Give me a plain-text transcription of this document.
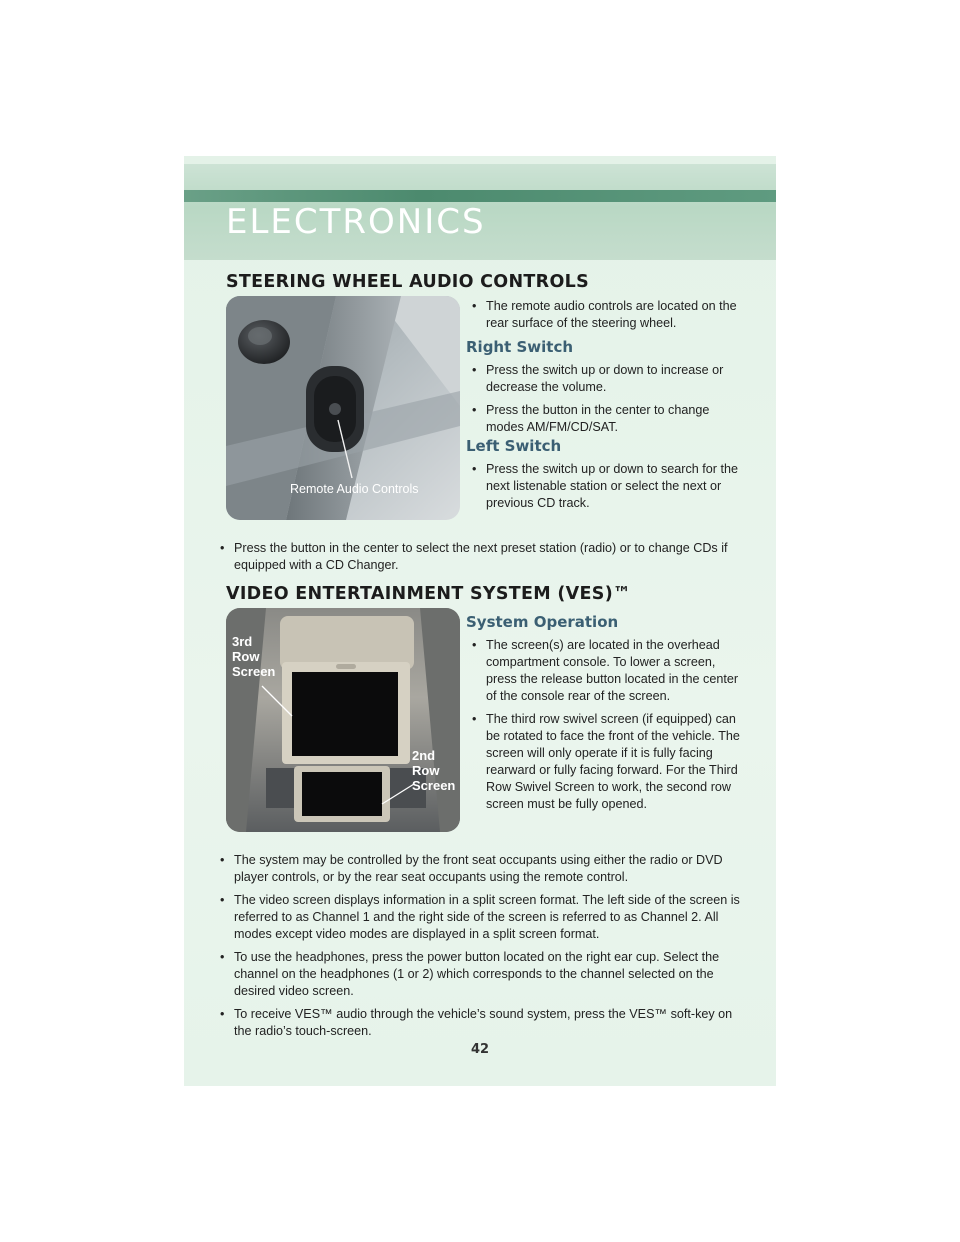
ELECTRONICS
STEERING WHEEL AUDIO CONTROLS
Remote Audio Controls

• The remote audio controls are located on the rear surface of the steering wheel.

Right Switch

• Press the switch up or down to increase or decrease the volume.

• Press the button in the center to change modes AM/FM/CD/SAT.

Left Switch

• Press the switch up or down to search for the next listenable station or select the next or previous CD track.

• Press the button in the center to select the next preset station (radio) or to change CDs if equipped with a CD Changer.

VIDEO ENTERTAINMENT SYSTEM (VES)™
3rd
Row
Screen
2nd
Row
Screen
System Operation

• The screen(s) are located in the overhead compartment console. To lower a screen, press the release button located in the center of the console rear of the screen.

• The third row swivel screen (if equipped) can be rotated to face the front of the vehicle. The screen will only operate if it is fully facing rearward or fully facing forward. For the Third Row Swivel Screen to work, the second row screen must be fully opened.

• The system may be controlled by the front seat occupants using either the radio or DVD player controls, or by the rear seat occupants using the remote control.

• The video screen displays information in a split screen format. The left side of the screen is referred to as Channel 1 and the right side of the screen is referred to as Channel 2. All modes except video modes are displayed in a split screen format.

• To use the headphones, press the power button located on the right ear cup. Select the channel on the headphones (1 or 2) which corresponds to the channel selected on the desired video screen.

• To receive VES™ audio through the vehicle’s sound system, press the VES™ soft-key on the radio’s touch-screen.

42
